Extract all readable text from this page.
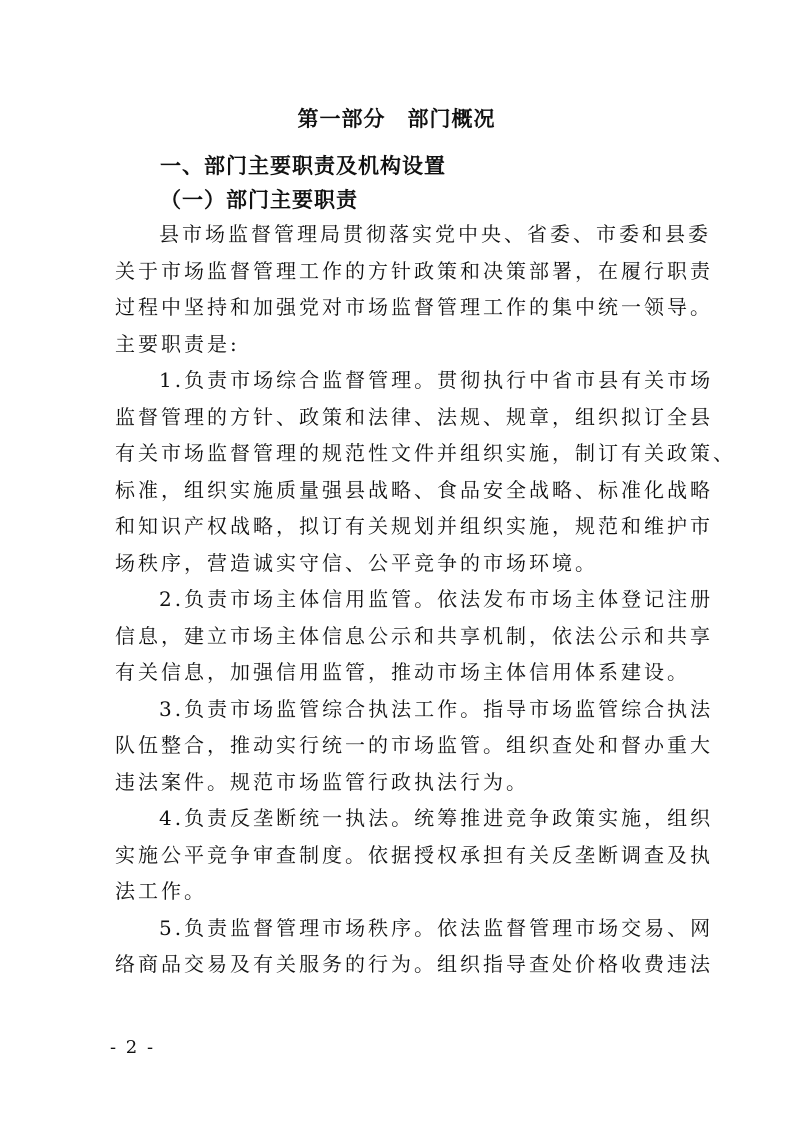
第一部分　部门概况
一、部门主要职责及机构设置
（一）部门主要职责

县市场监督管理局贯彻落实党中央、省委、市委和县委
关于市场监督管理工作的方针政策和决策部署，在履行职责
过程中坚持和加强党对市场监督管理工作的集中统一领导。
主要职责是:

1.负责市场综合监督管理。贯彻执行中省市县有关市场
监督管理的方针、政策和法律、法规、规章，组织拟订全县
有关市场监督管理的规范性文件并组织实施，制订有关政策、
标准，组织实施质量强县战略、食品安全战略、标准化战略
和知识产权战略，拟订有关规划并组织实施，规范和维护市
场秩序，营造诚实守信、公平竞争的市场环境。

2.负责市场主体信用监管。依法发布市场主体登记注册
信息，建立市场主体信息公示和共享机制，依法公示和共享
有关信息，加强信用监管，推动市场主体信用体系建设。

3.负责市场监管综合执法工作。指导市场监管综合执法
队伍整合，推动实行统一的市场监管。组织查处和督办重大
违法案件。规范市场监管行政执法行为。

4.负责反垄断统一执法。统筹推进竞争政策实施，组织
实施公平竞争审查制度。依据授权承担有关反垄断调查及执
法工作。

5.负责监督管理市场秩序。依法监督管理市场交易、网
络商品交易及有关服务的行为。组织指导查处价格收费违法

- 2 -
